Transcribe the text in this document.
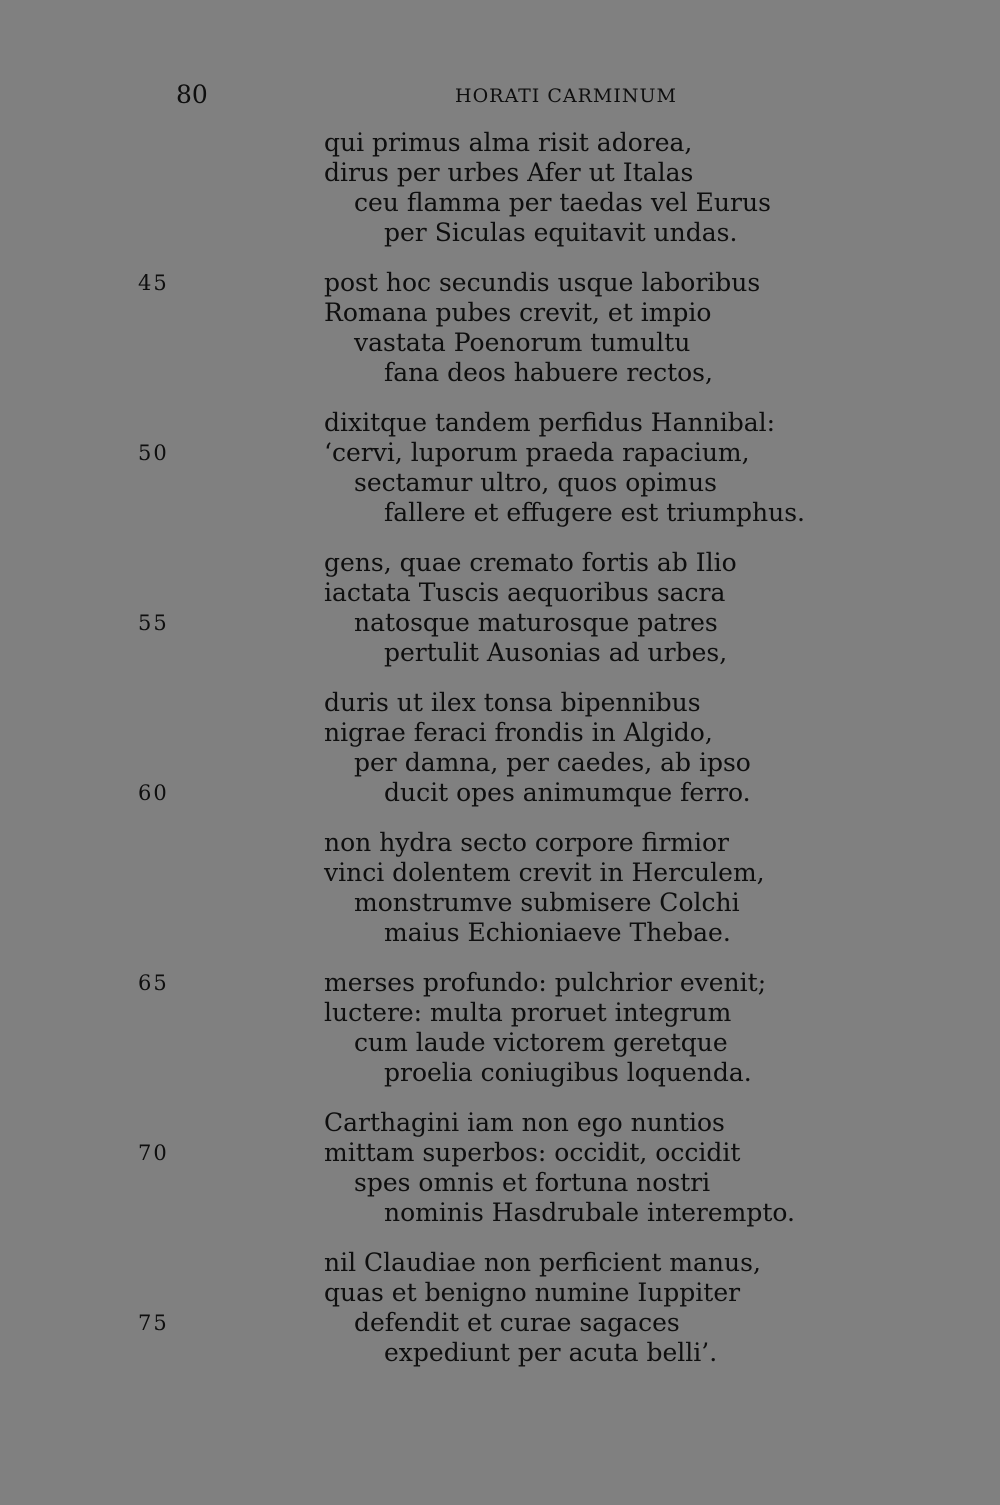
80	HORATI CARMINUM
qui primus alma risit adorea,
dirus per urbes Afer ut Italas
ceu flamma per taedas vel Eurus
per Siculas equitavit undas.
45	post hoc secundis usque laboribus
Romana pubes crevit, et impio
vastata Poenorum tumultu
fana deos habuere rectos,
50
dixitque tandem perfidus Hannibal:
‘cervi, luporum praeda rapacium,
sectamur ultro, quos opimus
fallere et effugere est triumphus.
55
gens, quae cremato fortis ab Ilio
iactata Tuscis aequoribus sacra
natosque maturosque patres
pertulit Ausonias ad urbes,
60
duris ut ilex tonsa bipennibus
nigrae feraci frondis in Algido,
per damna, per caedes, ab ipso
ducit opes animumque ferro.
non hydra secto corpore firmior
vinci dolentem crevit in Herculem,
monstrumve submisere Colchi
maius Echioniaeve Thebae.
65	merses profundo: pulchrior evenit;
luctere: multa proruet integrum
cum laude victorem geretque
proelia coniugibus loquenda.
70
Carthagini iam non ego nuntios
mittam superbos: occidit, occidit
spes omnis et fortuna nostri
nominis Hasdrubale interempto.
75
nil Claudiae non perficient manus,
quas et benigno numine Iuppiter
defendit et curae sagaces
expediunt per acuta belli’.
